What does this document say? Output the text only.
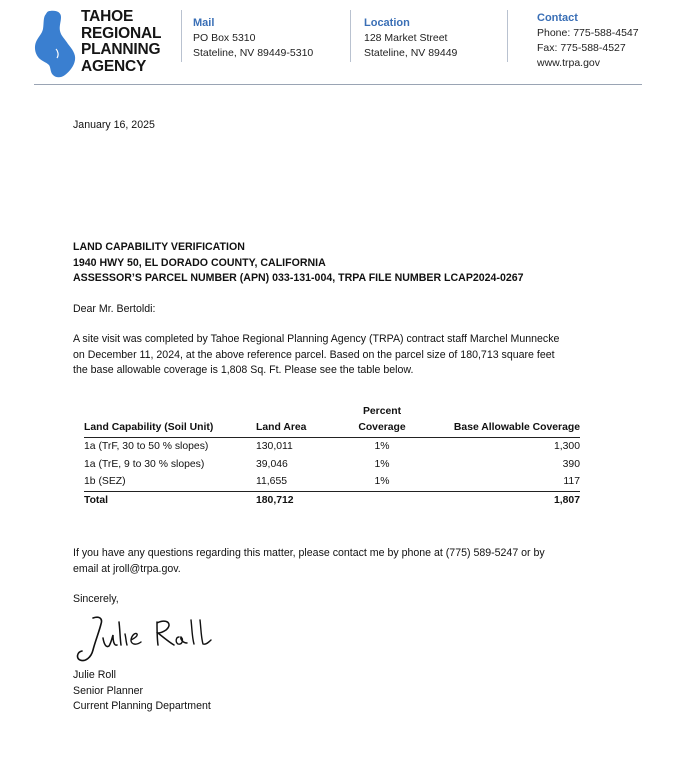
TAHOE
REGIONAL
PLANNING
AGENCY
Mail
PO Box 5310
Stateline, NV 89449-5310
Location
128 Market Street
Stateline, NV 89449
Contact
Phone: 775-588-4547
Fax: 775-588-4527
www.trpa.gov
January 16, 2025
LAND CAPABILITY VERIFICATION
1940 HWY 50, EL DORADO COUNTY, CALIFORNIA
ASSESSOR’S PARCEL NUMBER (APN) 033-131-004, TRPA FILE NUMBER LCAP2024-0267
Dear Mr. Bertoldi:
A site visit was completed by Tahoe Regional Planning Agency (TRPA) contract staff Marchel Munnecke
on December 11, 2024, at the above reference parcel. Based on the parcel size of 180,713 square feet
the base allowable coverage is 1,808 Sq. Ft. Please see the table below.
		Percent	
Land Capability (Soil Unit)	Land Area	Coverage	Base Allowable Coverage
1a (TrF, 30 to 50 % slopes)	130,011	1%	1,300
1a (TrE, 9 to 30 % slopes)	39,046	1%	390
1b (SEZ)	11,655	1%	117
Total	180,712		1,807
If you have any questions regarding this matter, please contact me by phone at (775) 589-5247 or by
email at jroll@trpa.gov.
Sincerely,
Julie Roll
Senior Planner
Current Planning Department
